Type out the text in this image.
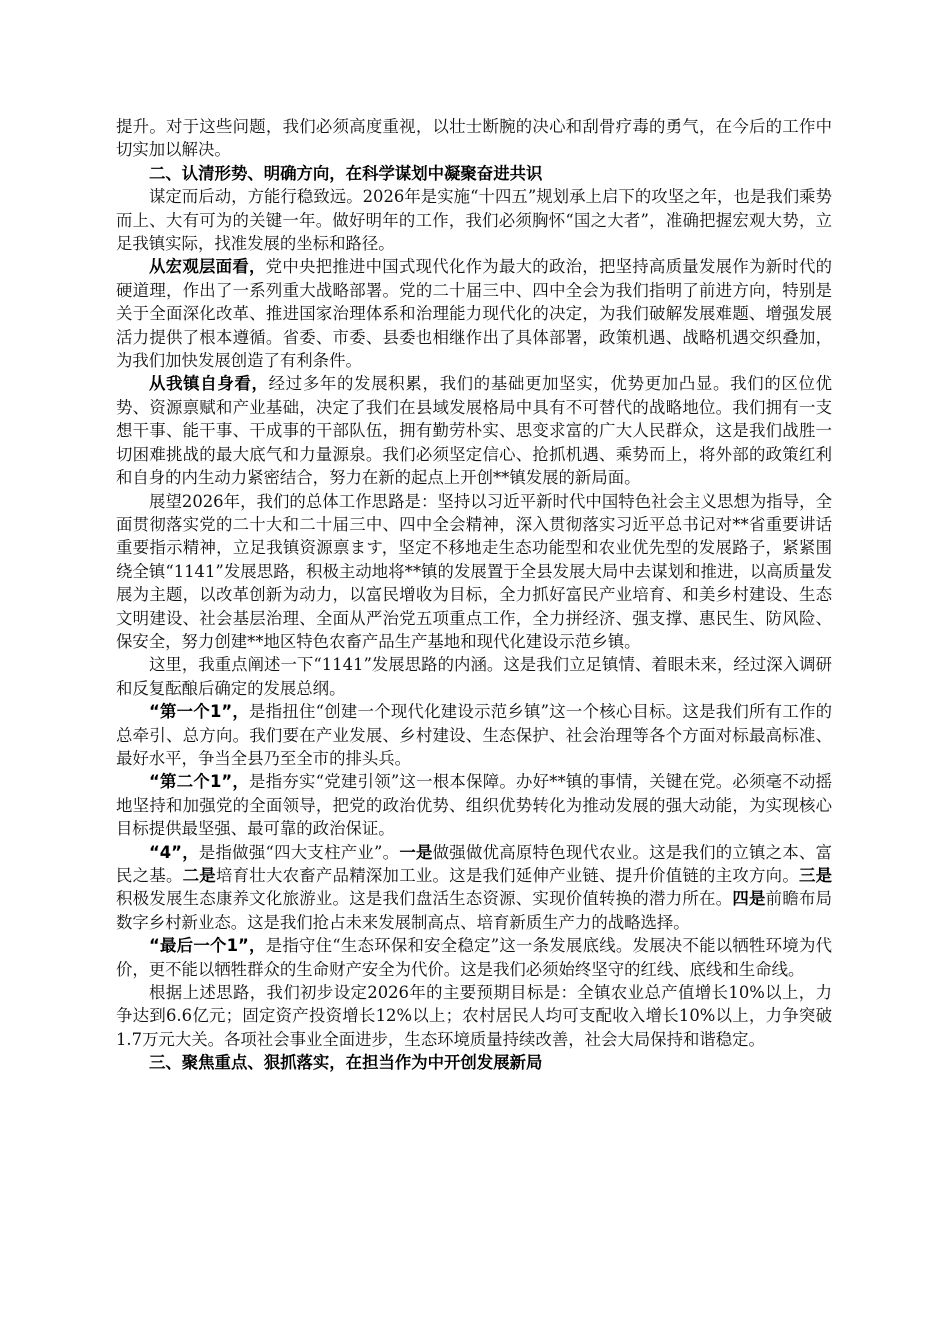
提升。对于这些问题，我们必须高度重视，以壮士断腕的决心和刮骨疗毒的勇气，在今后的工作中切实加以解决。

二、认清形势、明确方向，在科学谋划中凝聚奋进共识

谋定而后动，方能行稳致远。2026年是实施“十四五”规划承上启下的攻坚之年，也是我们乘势而上、大有可为的关键一年。做好明年的工作，我们必须胸怀“国之大者”，准确把握宏观大势，立足我镇实际，找准发展的坐标和路径。

从宏观层面看，党中央把推进中国式现代化作为最大的政治，把坚持高质量发展作为新时代的硬道理，作出了一系列重大战略部署。党的二十届三中、四中全会为我们指明了前进方向，特别是关于全面深化改革、推进国家治理体系和治理能力现代化的决定，为我们破解发展难题、增强发展活力提供了根本遵循。省委、市委、县委也相继作出了具体部署，政策机遇、战略机遇交织叠加，为我们加快发展创造了有利条件。

从我镇自身看，经过多年的发展积累，我们的基础更加坚实，优势更加凸显。我们的区位优势、资源禀赋和产业基础，决定了我们在县域发展格局中具有不可替代的战略地位。我们拥有一支想干事、能干事、干成事的干部队伍，拥有勤劳朴实、思变求富的广大人民群众，这是我们战胜一切困难挑战的最大底气和力量源泉。我们必须坚定信心、抢抓机遇、乘势而上，将外部的政策红利和自身的内生动力紧密结合，努力在新的起点上开创**镇发展的新局面。

展望2026年，我们的总体工作思路是：坚持以习近平新时代中国特色社会主义思想为指导，全面贯彻落实党的二十大和二十届三中、四中全会精神，深入贯彻落实习近平总书记对**省重要讲话重要指示精神，立足我镇资源禀ます，坚定不移地走生态功能型和农业优先型的发展路子，紧紧围绕全镇“1141”发展思路，积极主动地将**镇的发展置于全县发展大局中去谋划和推进，以高质量发展为主题，以改革创新为动力，以富民增收为目标，全力抓好富民产业培育、和美乡村建设、生态文明建设、社会基层治理、全面从严治党五项重点工作，全力拼经济、强支撑、惠民生、防风险、保安全，努力创建**地区特色农畜产品生产基地和现代化建设示范乡镇。

这里，我重点阐述一下“1141”发展思路的内涵。这是我们立足镇情、着眼未来，经过深入调研和反复酝酿后确定的发展总纲。

“第一个1”，是指扭住“创建一个现代化建设示范乡镇”这一个核心目标。这是我们所有工作的总牵引、总方向。我们要在产业发展、乡村建设、生态保护、社会治理等各个方面对标最高标准、最好水平，争当全县乃至全市的排头兵。

“第二个1”，是指夯实“党建引领”这一根本保障。办好**镇的事情，关键在党。必须毫不动摇地坚持和加强党的全面领导，把党的政治优势、组织优势转化为推动发展的强大动能，为实现核心目标提供最坚强、最可靠的政治保证。

“4”，是指做强“四大支柱产业”。一是做强做优高原特色现代农业。这是我们的立镇之本、富民之基。二是培育壮大农畜产品精深加工业。这是我们延伸产业链、提升价值链的主攻方向。三是积极发展生态康养文化旅游业。这是我们盘活生态资源、实现价值转换的潜力所在。四是前瞻布局数字乡村新业态。这是我们抢占未来发展制高点、培育新质生产力的战略选择。

“最后一个1”，是指守住“生态环保和安全稳定”这一条发展底线。发展决不能以牺牲环境为代价，更不能以牺牲群众的生命财产安全为代价。这是我们必须始终坚守的红线、底线和生命线。

根据上述思路，我们初步设定2026年的主要预期目标是：全镇农业总产值增长10%以上，力争达到6.6亿元；固定资产投资增长12%以上；农村居民人均可支配收入增长10%以上，力争突破1.7万元大关。各项社会事业全面进步，生态环境质量持续改善，社会大局保持和谐稳定。

三、聚焦重点、狠抓落实，在担当作为中开创发展新局
